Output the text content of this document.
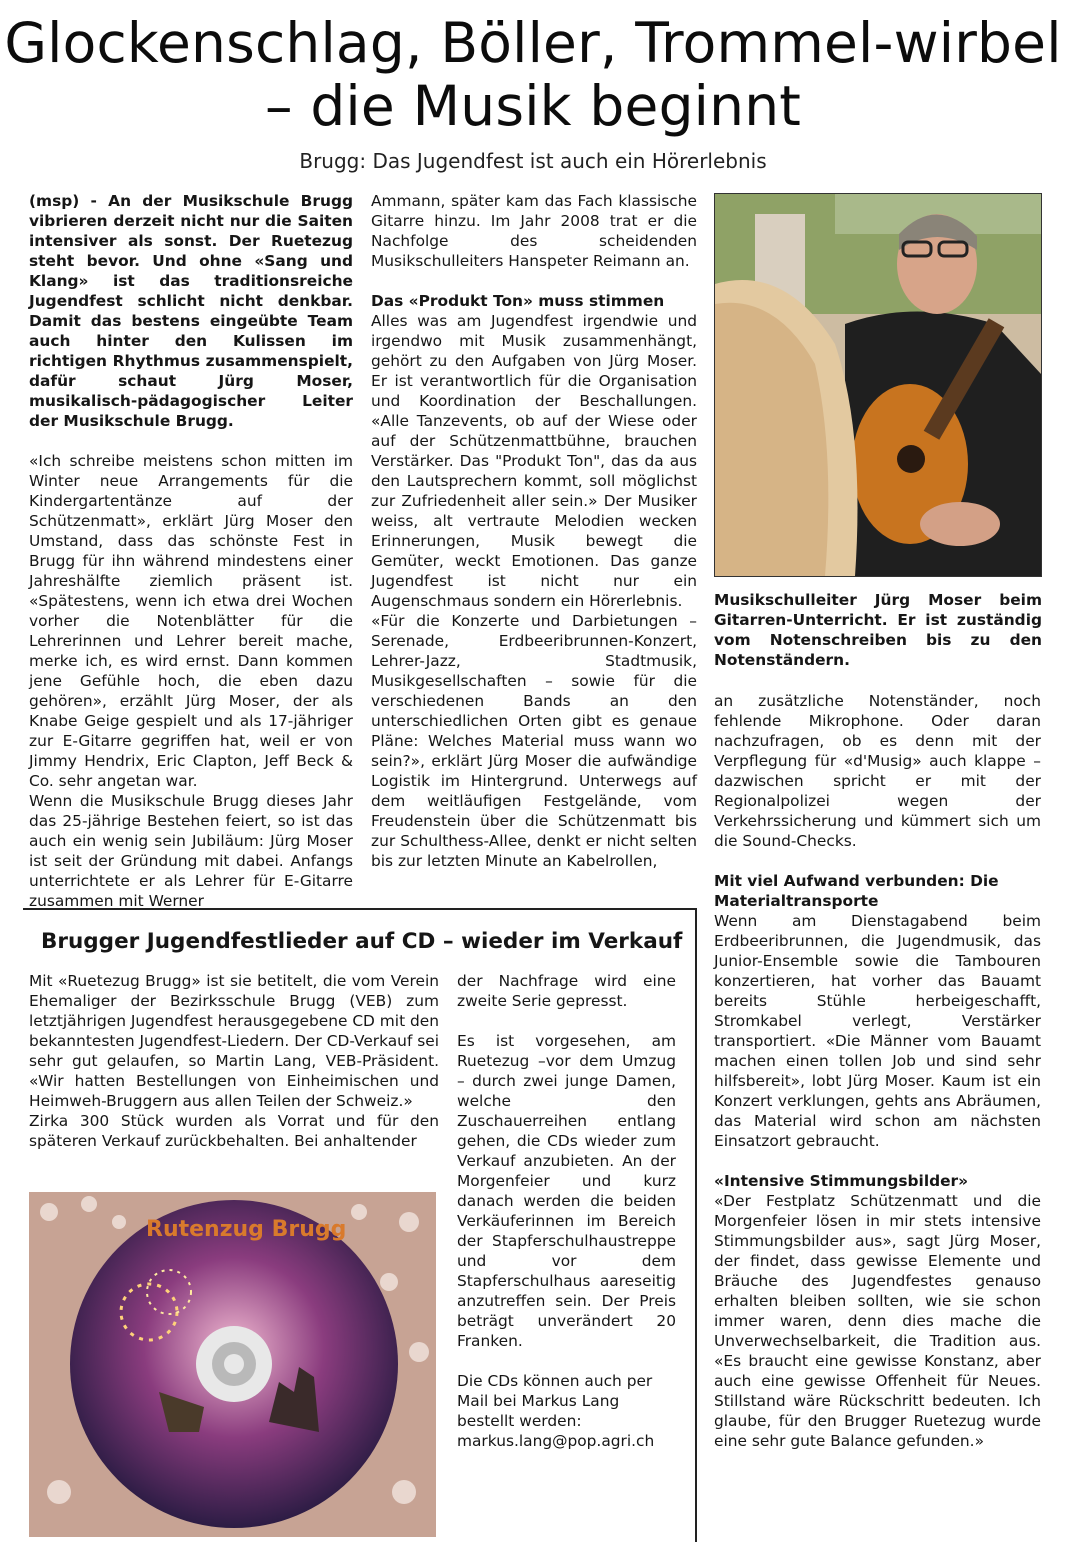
Glockenschlag, Böller, Trommel-wirbel – die Musik beginnt
Brugg: Das Jugendfest ist auch ein Hörerlebnis

(msp) - An der Musikschule Brugg vibrieren derzeit nicht nur die Saiten intensiver als sonst. Der Ruetezug steht bevor. Und ohne «Sang und Klang» ist das traditionsreiche Jugendfest schlicht nicht denkbar. Damit das bestens eingeübte Team auch hinter den Kulissen im richtigen Rhythmus zusammenspielt, dafür schaut Jürg Moser, musikalisch-pädagogischer Leiter der Musikschule Brugg.

«Ich schreibe meistens schon mitten im Winter neue Arrangements für die Kindergartentänze auf der Schützenmatt», erklärt Jürg Moser den Umstand, dass das schönste Fest in Brugg für ihn während mindestens einer Jahreshälfte ziemlich präsent ist. «Spätestens, wenn ich etwa drei Wochen vorher die Notenblätter für die Lehrerinnen und Lehrer bereit mache, merke ich, es wird ernst. Dann kommen jene Gefühle hoch, die eben dazu gehören», erzählt Jürg Moser, der als Knabe Geige gespielt und als 17-jähriger zur E-Gitarre gegriffen hat, weil er von Jimmy Hendrix, Eric Clapton, Jeff Beck & Co. sehr angetan war.

Wenn die Musikschule Brugg dieses Jahr das 25-jährige Bestehen feiert, so ist das auch ein wenig sein Jubiläum: Jürg Moser ist seit der Gründung mit dabei. Anfangs unterrichtete er als Lehrer für E-Gitarre zusammen mit Werner

Ammann, später kam das Fach klassische Gitarre hinzu. Im Jahr 2008 trat er die Nachfolge des scheidenden Musikschulleiters Hanspeter Reimann an.

Das «Produkt Ton» muss stimmen

Alles was am Jugendfest irgendwie und irgendwo mit Musik zusammenhängt, gehört zu den Aufgaben von Jürg Moser. Er ist verantwortlich für die Organisation und Koordination der Beschallungen. «Alle Tanzevents, ob auf der Wiese oder auf der Schützenmattbühne, brauchen Verstärker. Das "Produkt Ton", das da aus den Lautsprechern kommt, soll möglichst zur Zufriedenheit aller sein.» Der Musiker weiss, alt vertraute Melodien wecken Erinnerungen, Musik bewegt die Gemüter, weckt Emotionen. Das ganze Jugendfest ist nicht nur ein Augenschmaus sondern ein Hörerlebnis.

«Für die Konzerte und Darbietungen – Serenade, Erdbeeribrunnen-Konzert, Lehrer-Jazz, Stadtmusik, Musikgesellschaften – sowie für die verschiedenen Bands an den unterschiedlichen Orten gibt es genaue Pläne: Welches Material muss wann wo sein?», erklärt Jürg Moser die aufwändige Logistik im Hintergrund. Unterwegs auf dem weitläufigen Festgelände, vom Freudenstein über die Schützenmatt bis zur Schulthess-Allee, denkt er nicht selten bis zur letzten Minute an Kabelrollen,

Musikschulleiter Jürg Moser beim Gitarren-Unterricht. Er ist zuständig vom Notenschreiben bis zu den Notenständern.

an zusätzliche Notenständer, noch fehlende Mikrophone. Oder daran nachzufragen, ob es denn mit der Verpflegung für «d'Musig» auch klappe – dazwischen spricht er mit der Regionalpolizei wegen der Verkehrssicherung und kümmert sich um die Sound-Checks.

Mit viel Aufwand verbunden: Die Materialtransporte

Wenn am Dienstagabend beim Erdbeeribrunnen, die Jugendmusik, das Junior-Ensemble sowie die Tambouren konzertieren, hat vorher das Bauamt bereits Stühle herbeigeschafft, Stromkabel verlegt, Verstärker transportiert. «Die Männer vom Bauamt machen einen tollen Job und sind sehr hilfsbereit», lobt Jürg Moser. Kaum ist ein Konzert verklungen, gehts ans Abräumen, das Material wird schon am nächsten Einsatzort gebraucht.

«Intensive Stimmungsbilder»

«Der Festplatz Schützenmatt und die Morgenfeier lösen in mir stets intensive Stimmungsbilder aus», sagt Jürg Moser, der findet, dass gewisse Elemente und Bräuche des Jugendfestes genauso erhalten bleiben sollten, wie sie schon immer waren, denn dies mache die Unverwechselbarkeit, die Tradition aus. «Es braucht eine gewisse Konstanz, aber auch eine gewisse Offenheit für Neues. Stillstand wäre Rückschritt bedeuten. Ich glaube, für den Brugger Ruetezug wurde eine sehr gute Balance gefunden.»

Brugger Jugendfestlieder auf CD – wieder im Verkauf

Mit «Ruetezug Brugg» ist sie betitelt, die vom Verein Ehemaliger der Bezirksschule Brugg (VEB) zum letztjährigen Jugendfest herausgegebene CD mit den bekanntesten Jugendfest-Liedern. Der CD-Verkauf sei sehr gut gelaufen, so Martin Lang, VEB-Präsident. «Wir hatten Bestellungen von Einheimischen und Heimweh-Bruggern aus allen Teilen der Schweiz.»

Zirka 300 Stück wurden als Vorrat und für den späteren Verkauf zurückbehalten. Bei anhaltender

der Nachfrage wird eine zweite Serie gepresst.

Es ist vorgesehen, am Ruetezug –vor dem Umzug – durch zwei junge Damen, welche den Zuschauerreihen entlang gehen, die CDs wieder zum Verkauf anzubieten. An der Morgenfeier und kurz danach werden die beiden Verkäuferinnen im Bereich der Stapferschulhaustreppe und vor dem Stapferschulhaus aareseitig anzutreffen sein. Der Preis beträgt unverändert 20 Franken.

Die CDs können auch per Mail bei Markus Lang bestellt werden:

markus.lang@pop.agri.ch

Rutenzug Brugg
